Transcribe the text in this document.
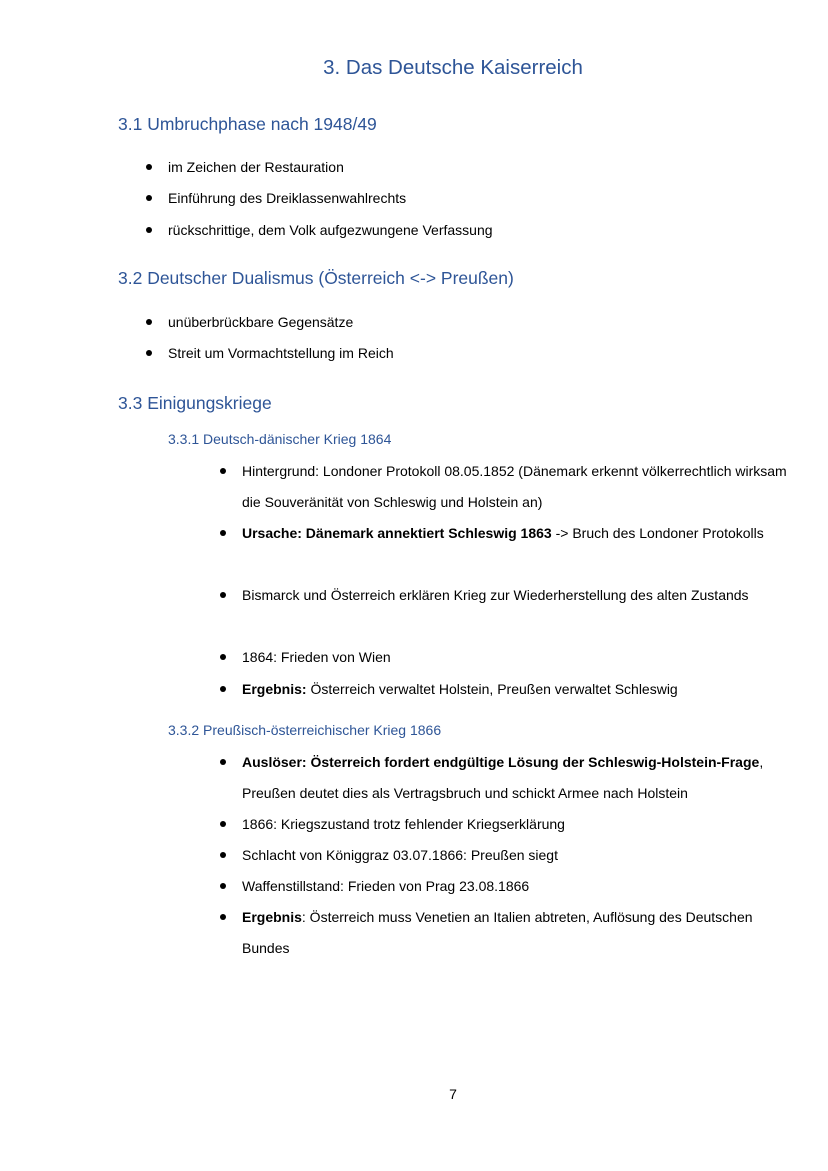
3. Das Deutsche Kaiserreich
3.1 Umbruchphase nach 1948/49

im Zeichen der Restauration

Einführung des Dreiklassenwahlrechts

rückschrittige, dem Volk aufgezwungene Verfassung

3.2 Deutscher Dualismus (Österreich <-> Preußen)

unüberbrückbare Gegensätze

Streit um Vormachtstellung im Reich

3.3 Einigungskriege
3.3.1 Deutsch-dänischer Krieg 1864

Hintergrund: Londoner Protokoll 08.05.1852 (Dänemark erkennt völkerrechtlich wirksam die Souveränität von Schleswig und Holstein an)

Ursache: Dänemark annektiert Schleswig 1863 -> Bruch des Londoner Protokolls

Bismarck und Österreich erklären Krieg zur Wiederherstellung des alten Zustands

1864: Frieden von Wien

Ergebnis: Österreich verwaltet Holstein, Preußen verwaltet Schleswig

3.3.2 Preußisch-österreichischer Krieg 1866

Auslöser: Österreich fordert endgültige Lösung der Schleswig-Holstein-Frage, Preußen deutet dies als Vertragsbruch und schickt Armee nach Holstein

1866: Kriegszustand trotz fehlender Kriegserklärung

Schlacht von Königgraz 03.07.1866: Preußen siegt

Waffenstillstand: Frieden von Prag 23.08.1866

Ergebnis: Österreich muss Venetien an Italien abtreten, Auflösung des Deutschen Bundes

7
